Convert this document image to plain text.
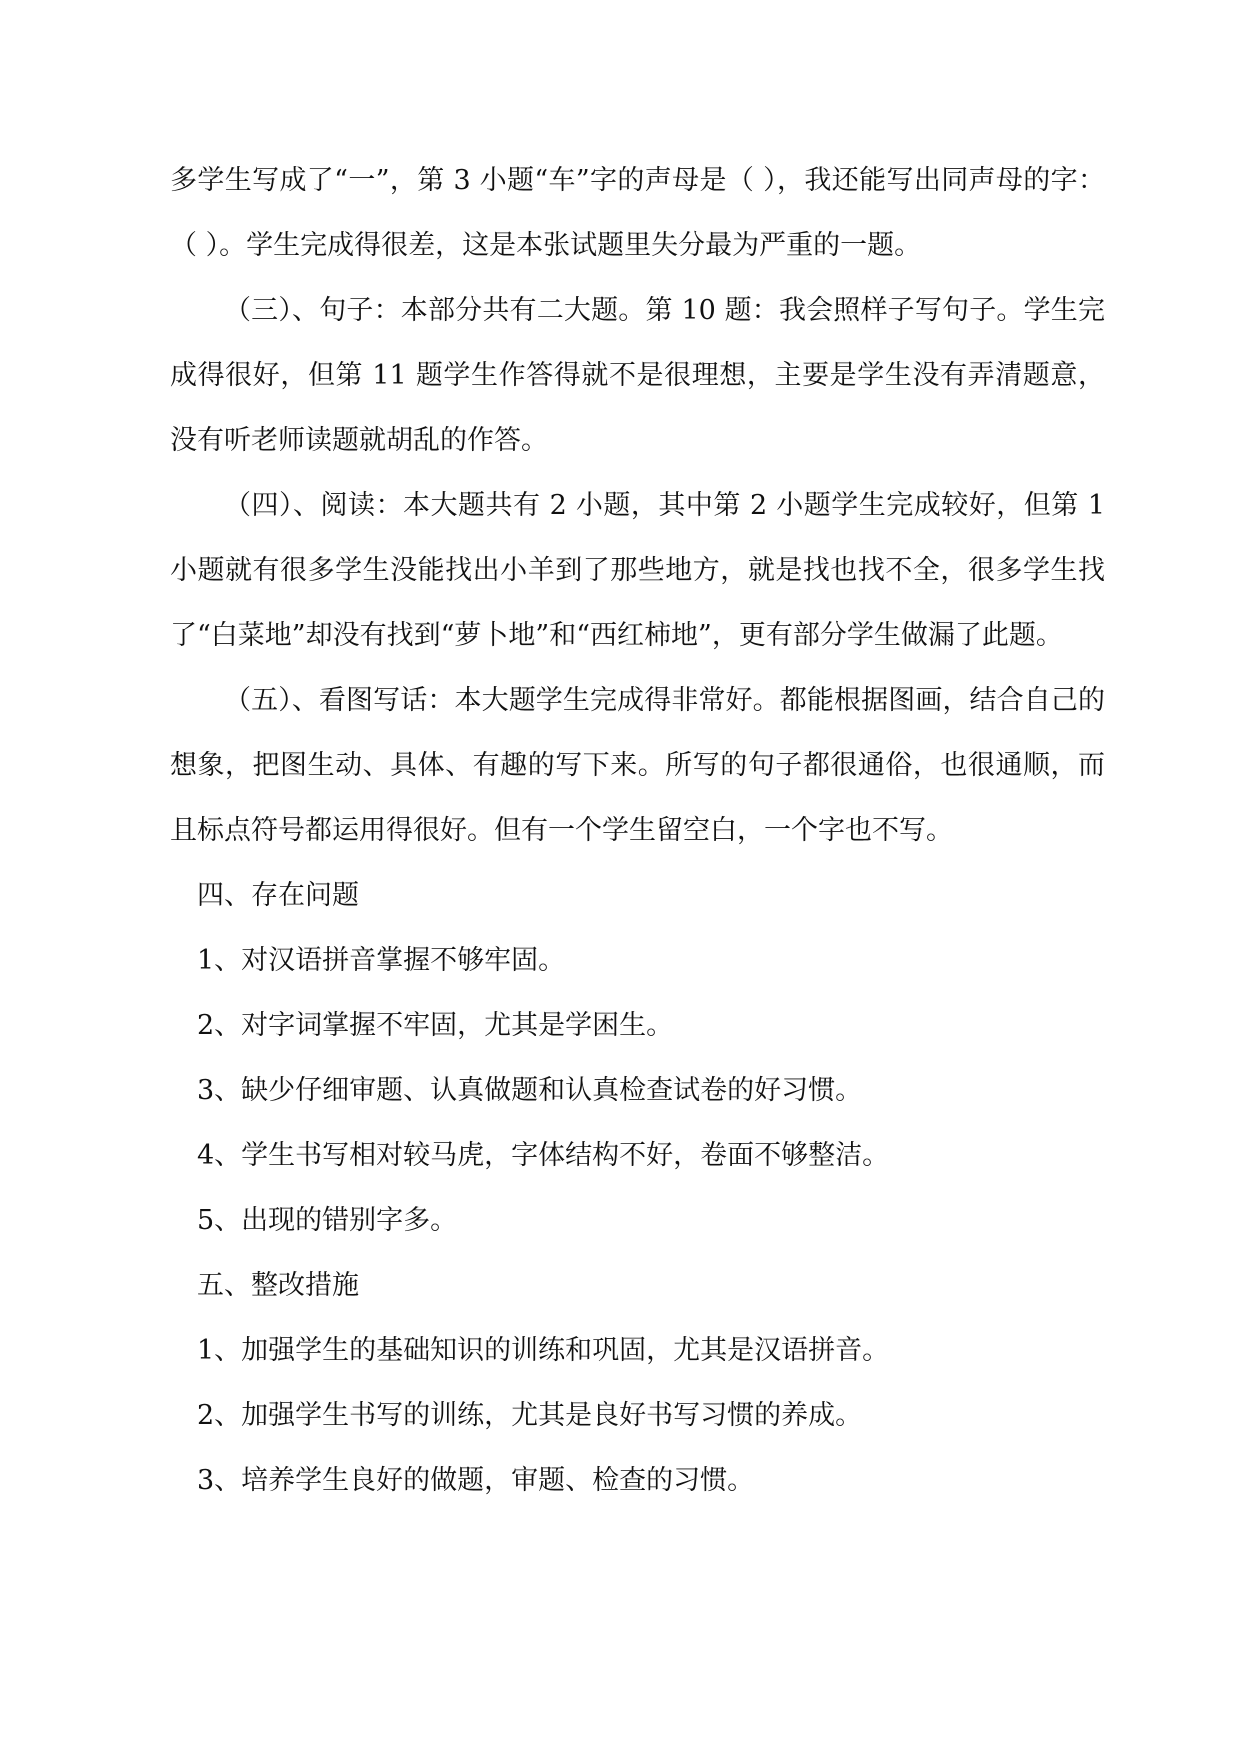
多学生写成了“一”，第 3 小题“车”字的声母是（ ），我还能写出同声母的字：（ ）。学生完成得很差，这是本张试题里失分最为严重的一题。

（三）、句子：本部分共有二大题。第 10 题：我会照样子写句子。学生完成得很好，但第 11 题学生作答得就不是很理想，主要是学生没有弄清题意，没有听老师读题就胡乱的作答。

（四）、阅读：本大题共有 2 小题，其中第 2 小题学生完成较好，但第 1 小题就有很多学生没能找出小羊到了那些地方，就是找也找不全，很多学生找了“白菜地”却没有找到“萝卜地”和“西红柿地”，更有部分学生做漏了此题。

（五）、看图写话：本大题学生完成得非常好。都能根据图画，结合自己的想象，把图生动、具体、有趣的写下来。所写的句子都很通俗，也很通顺，而且标点符号都运用得很好。但有一个学生留空白，一个字也不写。

四、存在问题

1、对汉语拼音掌握不够牢固。

2、对字词掌握不牢固，尤其是学困生。

3、缺少仔细审题、认真做题和认真检查试卷的好习惯。

4、学生书写相对较马虎，字体结构不好，卷面不够整洁。

5、出现的错别字多。

五、整改措施

1、加强学生的基础知识的训练和巩固，尤其是汉语拼音。

2、加强学生书写的训练，尤其是良好书写习惯的养成。

3、培养学生良好的做题，审题、检查的习惯。
